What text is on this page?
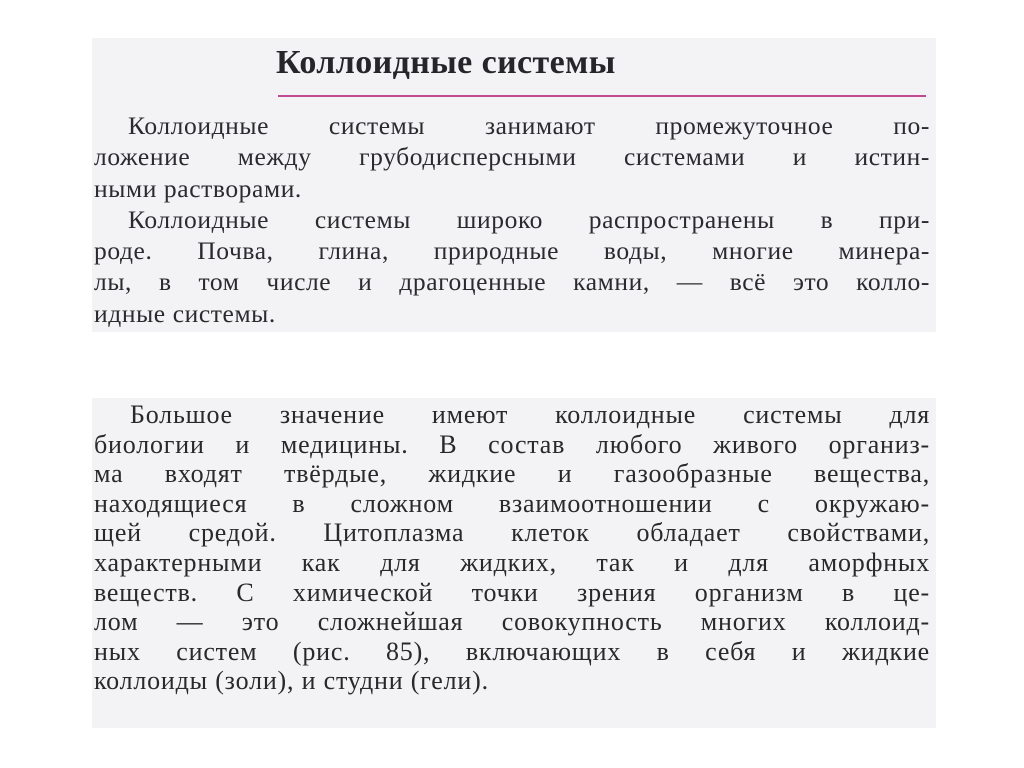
Коллоидные системы
Коллоидные системы занимают промежуточное по-
ложение между грубодисперсными системами и истин-
ными растворами.
Коллоидные системы широко распространены в при-
роде. Почва, глина, природные воды, многие минера-
лы, в том числе и драгоценные камни, — всё это колло-
идные системы.
Большое значение имеют коллоидные системы для
биологии и медицины. В состав любого живого организ-
ма входят твёрдые, жидкие и газообразные вещества,
находящиеся в сложном взаимоотношении с окружаю-
щей средой. Цитоплазма клеток обладает свойствами,
характерными как для жидких, так и для аморфных
веществ. С химической точки зрения организм в це-
лом — это сложнейшая совокупность многих коллоид-
ных систем (рис. 85), включающих в себя и жидкие
коллоиды (золи), и студни (гели).
